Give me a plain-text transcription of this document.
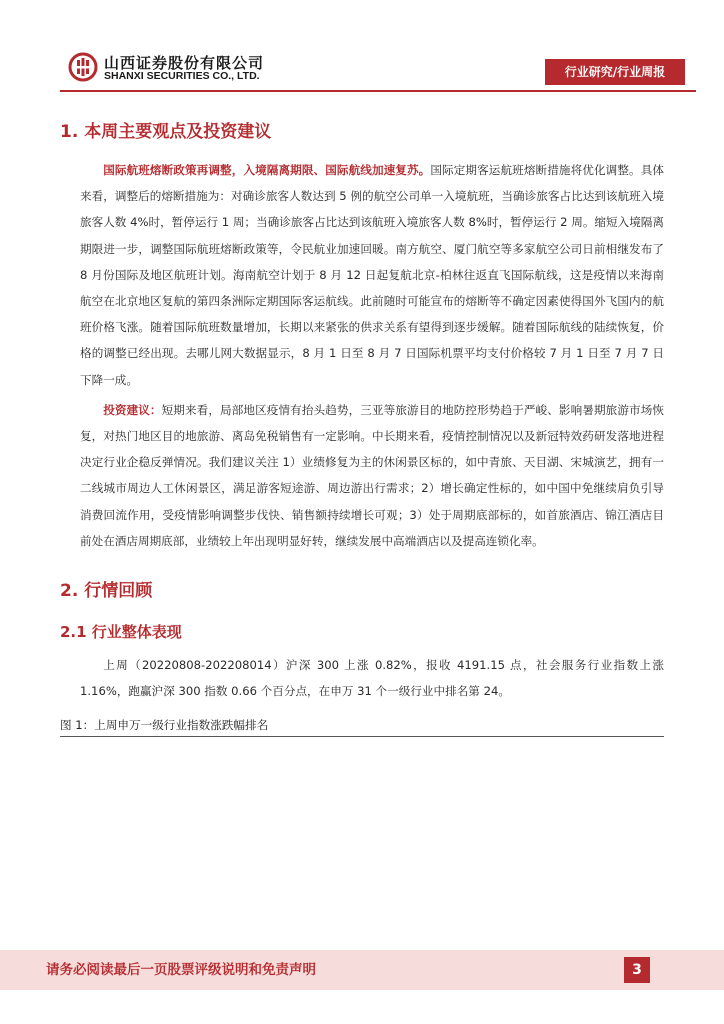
山西证券股份有限公司
SHANXI SECURITIES CO., LTD.	行业研究/行业周报
1. 本周主要观点及投资建议

国际航班熔断政策再调整，入境隔离期限、国际航线加速复苏。国际定期客运航班熔断措施将优化调整。具体来看，调整后的熔断措施为：对确诊旅客人数达到 5 例的航空公司单一入境航班，当确诊旅客占比达到该航班入境旅客人数 4%时，暂停运行 1 周；当确诊旅客占比达到该航班入境旅客人数 8%时，暂停运行 2 周。缩短入境隔离期限进一步，调整国际航班熔断政策等，令民航业加速回暖。南方航空、厦门航空等多家航空公司日前相继发布了 8 月份国际及地区航班计划。海南航空计划于 8 月 12 日起复航北京-柏林往返直飞国际航线，这是疫情以来海南航空在北京地区复航的第四条洲际定期国际客运航线。此前随时可能宣布的熔断等不确定因素使得国外飞国内的航班价格飞涨。随着国际航班数量增加，长期以来紧张的供求关系有望得到逐步缓解。随着国际航线的陆续恢复，价格的调整已经出现。去哪儿网大数据显示，8 月 1 日至 8 月 7 日国际机票平均支付价格较 7 月 1 日至 7 月 7 日下降一成。

投资建议：短期来看，局部地区疫情有抬头趋势，三亚等旅游目的地防控形势趋于严峻、影响暑期旅游市场恢复，对热门地区目的地旅游、离岛免税销售有一定影响。中长期来看，疫情控制情况以及新冠特效药研发落地进程决定行业企稳反弹情况。我们建议关注 1）业绩修复为主的休闲景区标的，如中青旅、天目湖、宋城演艺，拥有一二线城市周边人工休闲景区，满足游客短途游、周边游出行需求；2）增长确定性标的，如中国中免继续肩负引导消费回流作用，受疫情影响调整步伐快、销售额持续增长可观；3）处于周期底部标的，如首旅酒店、锦江酒店目前处在酒店周期底部，业绩较上年出现明显好转，继续发展中高端酒店以及提高连锁化率。

2. 行情回顾
2.1 行业整体表现

上周（20220808-202208014）沪深 300 上涨 0.82%，报收 4191.15 点，社会服务行业指数上涨 1.16%，跑赢沪深 300 指数 0.66 个百分点，在申万 31 个一级行业中排名第 24。

图 1：上周申万一级行业指数涨跌幅排名
请务必阅读最后一页股票评级说明和免责声明	3
